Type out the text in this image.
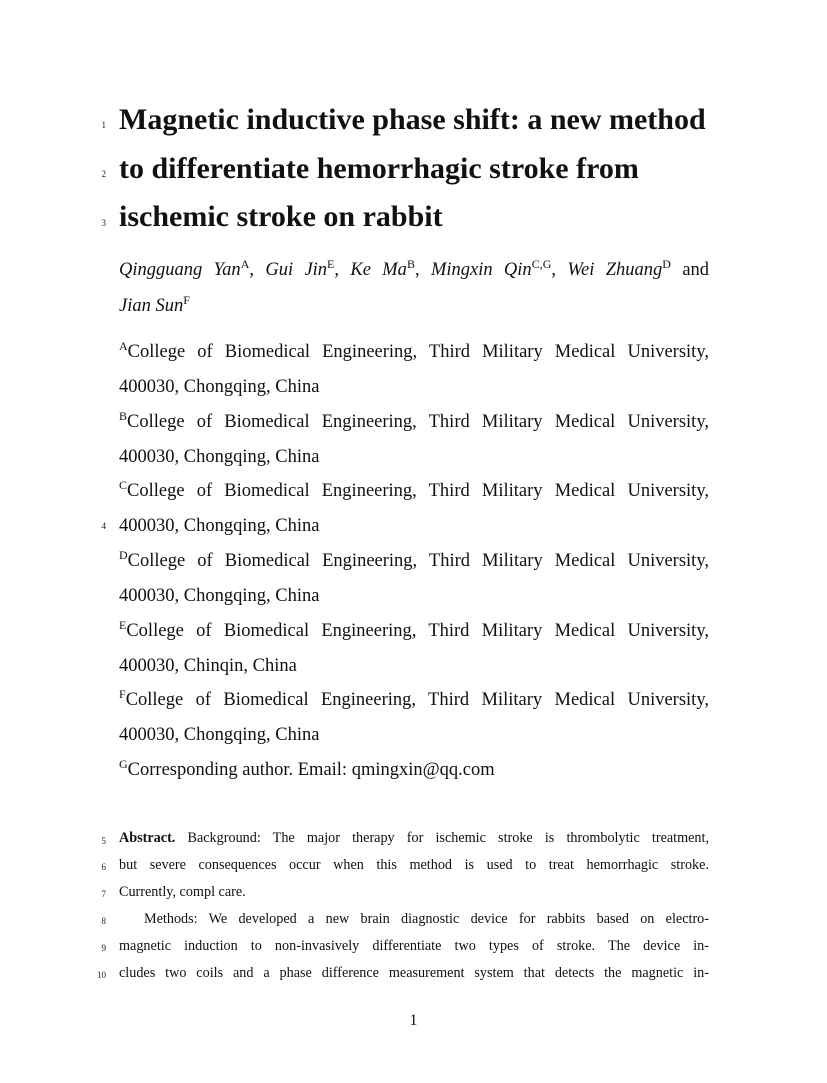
1
2
3
4
5
6
7
8
9
10
Magnetic inductive phase shift: a new method
to differentiate hemorrhagic stroke from
ischemic stroke on rabbit
Qingguang Yan$^A$, Gui Jin$^E$, Ke $Ma^B$, Mingxin Qin$^{C,G}$, Wei Zhuang$^D$ and
Jian Sun$^F$
$^A$College of Biomedical Engineering, Third Military Medical University,
400030, Chongqing, China
$^B$College of Biomedical Engineering, Third Military Medical University,
400030, Chongqing, China
$^C$College of Biomedical Engineering, Third Military Medical University,
400030, Chongqing, China
$^D$College of Biomedical Engineering, Third Military Medical University,
400030, Chongqing, China
$^E$College of Biomedical Engineering, Third Military Medical University,
400030, Chinqin, China
$^F$College of Biomedical Engineering, Third Military Medical University,
400030, Chongqing, China
$^G$Corresponding author. Email: qmingxin@qq.com
Abstract. Background: The major therapy for ischemic stroke is thrombolytic treatment,
but severe consequences occur when this method is used to treat hemorrhagic stroke.
Currently, compl care.
Methods: We developed a new brain diagnostic device for rabbits based on electro-
magnetic induction to non-invasively differentiate two types of stroke. The device in-
cludes two coils and a phase difference measurement system that detects the magnetic in-
1
